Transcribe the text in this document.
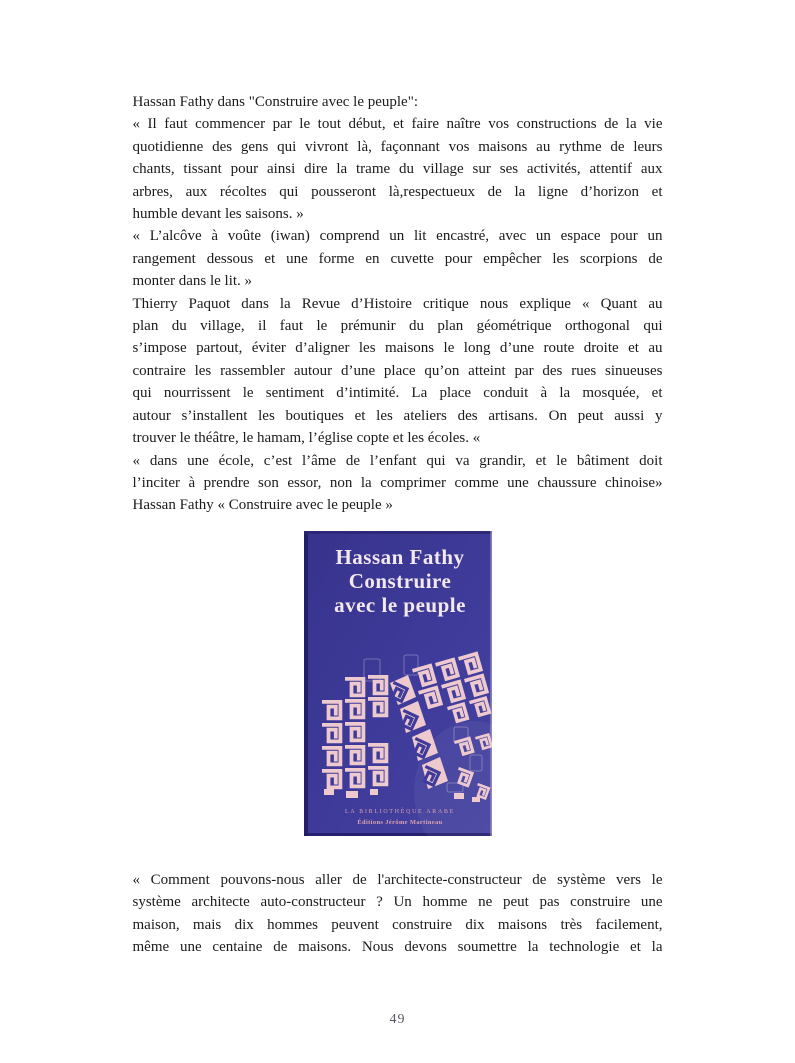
Hassan Fathy dans "Construire avec le peuple":
« Il faut commencer par le tout début, et faire naître vos constructions de la vie
quotidienne des gens qui vivront là, façonnant vos maisons au rythme de leurs
chants, tissant pour ainsi dire la trame du village sur ses activités, attentif aux
arbres, aux récoltes qui pousseront là,respectueux de la ligne d’horizon et
humble devant les saisons. »
« L’alcôve à voûte (iwan) comprend un lit encastré, avec un espace pour un
rangement dessous et une forme en cuvette pour empêcher les scorpions de
monter dans le lit. »
Thierry Paquot dans la Revue d’Histoire critique nous explique « Quant au
plan du village, il faut le prémunir du plan géométrique orthogonal qui
s’impose partout, éviter d’aligner les maisons le long d’une route droite et au
contraire les rassembler autour d’une place qu’on atteint par des rues sinueuses
qui nourrissent le sentiment d’intimité. La place conduit à la mosquée, et
autour s’installent les boutiques et les ateliers des artisans. On peut aussi y
trouver le théâtre, le hamam, l’église copte et les écoles. «
« dans une école, c’est l’âme de l’enfant qui va grandir, et le bâtiment doit
l’inciter à prendre son essor, non la comprimer comme une chaussure chinoise»
Hassan Fathy « Construire avec le peuple »
Hassan Fathy
Construire
avec le peuple
LA BIBLIOTHÈQUE ARABE
Éditions Jérôme Martineau
« Comment pouvons-nous aller de l'architecte-constructeur de système vers le
système architecte auto-constructeur ? Un homme ne peut pas construire une
maison, mais dix hommes peuvent construire dix maisons très facilement,
même une centaine de maisons. Nous devons soumettre la technologie et la
49
